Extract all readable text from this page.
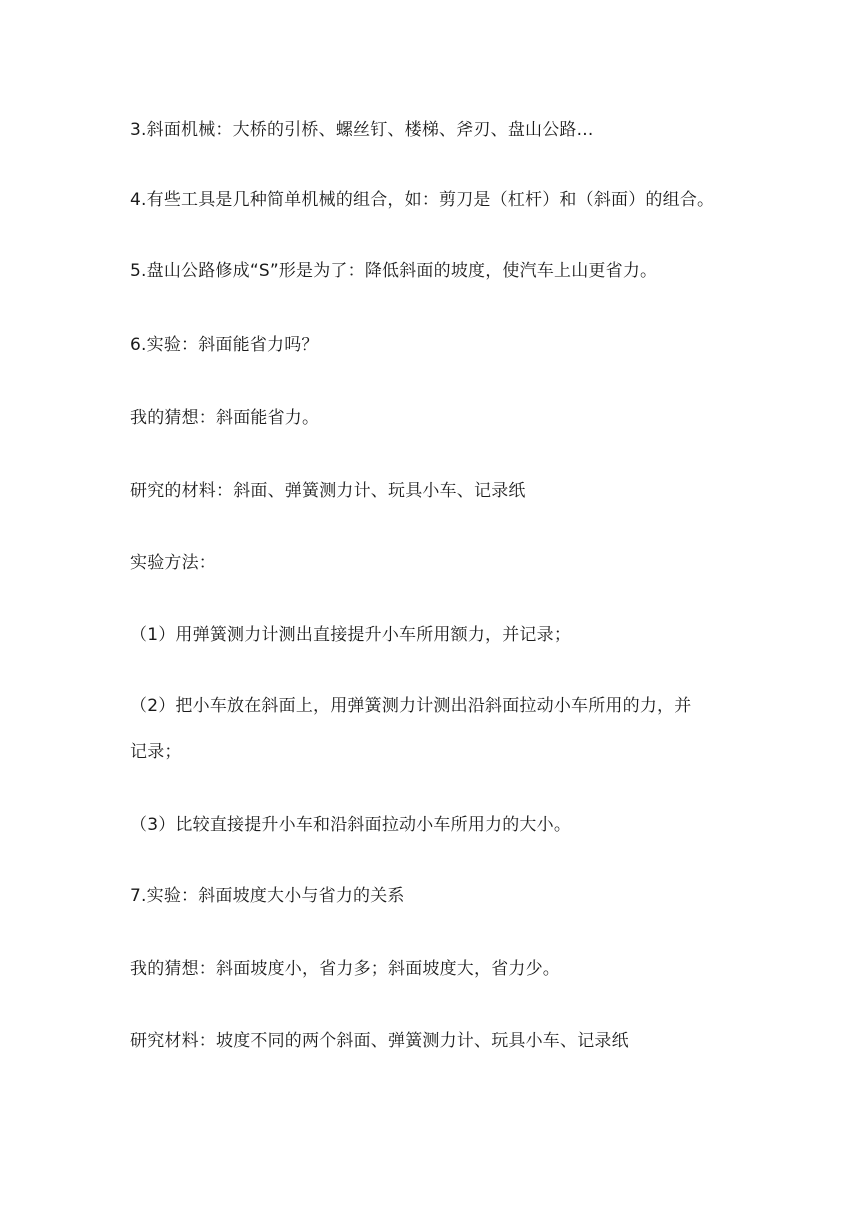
3.斜面机械：大桥的引桥、螺丝钉、楼梯、斧刃、盘山公路...
4.有些工具是几种简单机械的组合，如：剪刀是（杠杆）和（斜面）的组合。
5.盘山公路修成“S”形是为了：降低斜面的坡度，使汽车上山更省力。
6.实验：斜面能省力吗？
我的猜想：斜面能省力。
研究的材料：斜面、弹簧测力计、玩具小车、记录纸
实验方法：
（1）用弹簧测力计测出直接提升小车所用额力，并记录；
（2）把小车放在斜面上，用弹簧测力计测出沿斜面拉动小车所用的力，并
记录；
（3）比较直接提升小车和沿斜面拉动小车所用力的大小。
7.实验：斜面坡度大小与省力的关系
我的猜想：斜面坡度小，省力多；斜面坡度大，省力少。
研究材料：坡度不同的两个斜面、弹簧测力计、玩具小车、记录纸
